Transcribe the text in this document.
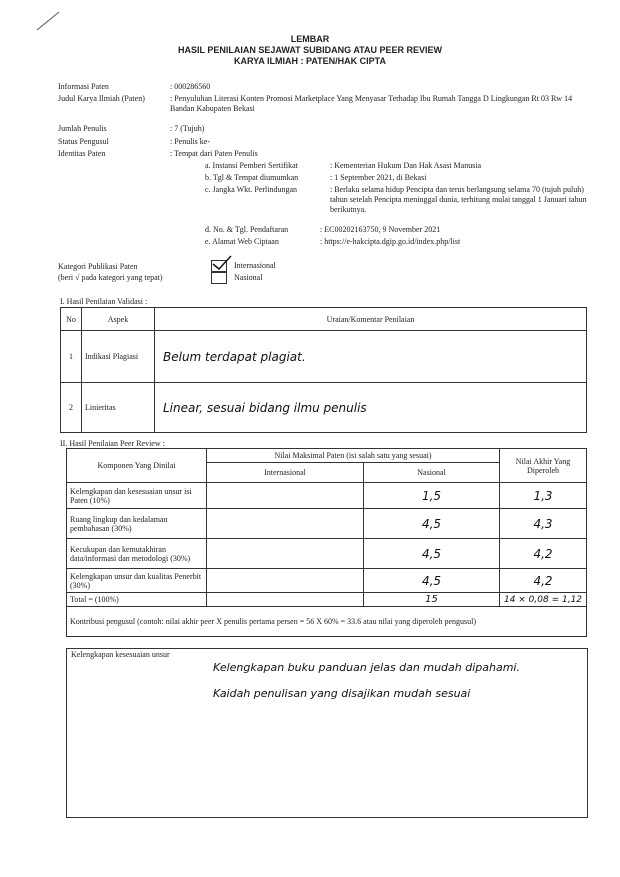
LEMBAR
HASIL PENILAIAN SEJAWAT SUBIDANG ATAU PEER REVIEW
KARYA ILMIAH : PATEN/HAK CIPTA
Informasi Paten	: 000286560
Judul Karya Ilmiah (Paten)	: Penyuluhan Literasi Konten Promosi Marketplace Yang Menyasar Terhadap Ibu Rumah Tangga D Lingkungan Rt 03 Rw 14 Bandan Kabupaten Bekasi
Jumlah Penulis	: 7 (Tujuh)
Status Pengusul	: Penulis ke-
Identitas Paten	: Tempat dari Paten Penulis
a. Instansi Pemberi Sertifikat	: Kementerian Hukum Dan Hak Asasi Manusia
b. Tgl & Tempat diumumkan	: 1 September 2021, di Bekasi
c. Jangka Wkt. Perlindungan	: Berlaku selama hidup Pencipta dan terus berlangsung selama 70 (tujuh puluh) tahun setelah Pencipta meninggal dunia, terhitung mulai tanggal 1 Januari tahun berikutnya.
d. No. & Tgl. Pendaftaran	: EC00202163750, 9 November 2021
e. Alamat Web Ciptaan	: https://e-hakcipta.dgip.go.id/index.php/list
Kategori Publikasi Paten
(beri √ pada kategori yang tepat)
Internasional
Nasional
I. Hasil Penilaian Validasi :
No	Aspek	Uraian/Komentar Penilaian
1	Indikasi Plagiasi	Belum terdapat plagiat.
2	Linieritas	Linear, sesuai bidang ilmu penulis
II. Hasil Penilaian Peer Review :
Komponen Yang Dinilai	Nilai Maksimal Paten (isi salah satu yang sesuai)		Nilai Akhir Yang Diperoleh
	Internasional	Nasional	
Kelengkapan dan kesesuaian unsur isi Paten (10%)		1,5	1,3
Ruang lingkup dan kedalaman pembahasan (30%)		4,5	4,3
Kecukupan dan kemutakhiran data/informasi dan metodologi (30%)		4,5	4,2
Kelengkapan unsur dan kualitas Penerbit (30%)		4,5	4,2
Total = (100%)		15	14 × 0,08 = 1,12
Kontribusi pengusul (contoh: nilai akhir peer X penulis pertama persen = 56 X 60% = 33.6 atau nilai yang diperoleh pengusul)			
Kelengkapan kesesuaian unsur
Kelengkapan buku panduan jelas dan mudah dipahami.
Kaidah penulisan yang disajikan mudah sesuai
